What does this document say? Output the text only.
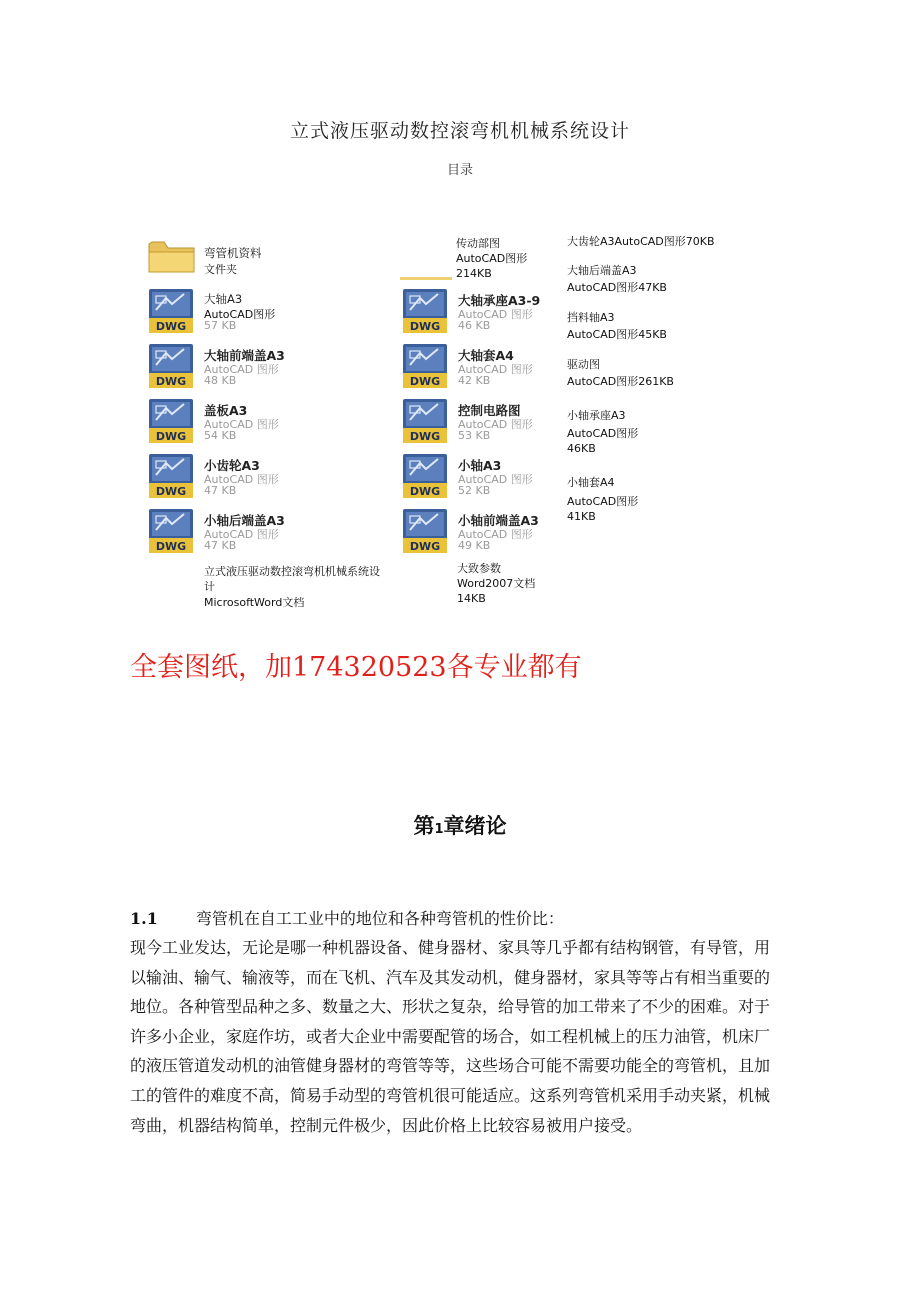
立式液压驱动数控滚弯机机械系统设计
目录
弯管机资料
文件夹
DWG
大轴A3
AutoCAD图形
57 KB
DWG
大轴前端盖A3
AutoCAD 图形
48 KB
DWG
盖板A3
AutoCAD 图形
54 KB
DWG
小齿轮A3
AutoCAD 图形
47 KB
DWG
小轴后端盖A3
AutoCAD 图形
47 KB
DWG
大轴承座A3-9
AutoCAD 图形
46 KB
DWG
大轴套A4
AutoCAD 图形
42 KB
DWG
控制电路图
AutoCAD 图形
53 KB
DWG
小轴A3
AutoCAD 图形
52 KB
DWG
小轴前端盖A3
AutoCAD 图形
49 KB
传动部图
AutoCAD图形
214KB
大齿轮A3AutoCAD图形70KB
大轴后端盖A3
AutoCAD图形47KB
挡料轴A3
AutoCAD图形45KB
驱动图
AutoCAD图形261KB
小轴承座A3
AutoCAD图形
46KB
小轴套A4
AutoCAD图形
41KB
立式液压驱动数控滚弯机机械系统设
计
MicrosoftWord文档
大致参数
Word2007文档
14KB
全套图纸，加174320523各专业都有
第1章绪论
1.1 弯管机在自工工业中的地位和各种弯管机的性价比：
现今工业发达，无论是哪一种机器设备、健身器材、家具等几乎都有结构钢管，有导管，用
以输油、输气、输液等，而在飞机、汽车及其发动机，健身器材，家具等等占有相当重要的
地位。各种管型品种之多、数量之大、形状之复杂，给导管的加工带来了不少的困难。对于
许多小企业，家庭作坊，或者大企业中需要配管的场合，如工程机械上的压力油管，机床厂
的液压管道发动机的油管健身器材的弯管等等，这些场合可能不需要功能全的弯管机，且加
工的管件的难度不高，简易手动型的弯管机很可能适应。这系列弯管机采用手动夹紧，机械
弯曲，机器结构简单，控制元件极少，因此价格上比较容易被用户接受。
